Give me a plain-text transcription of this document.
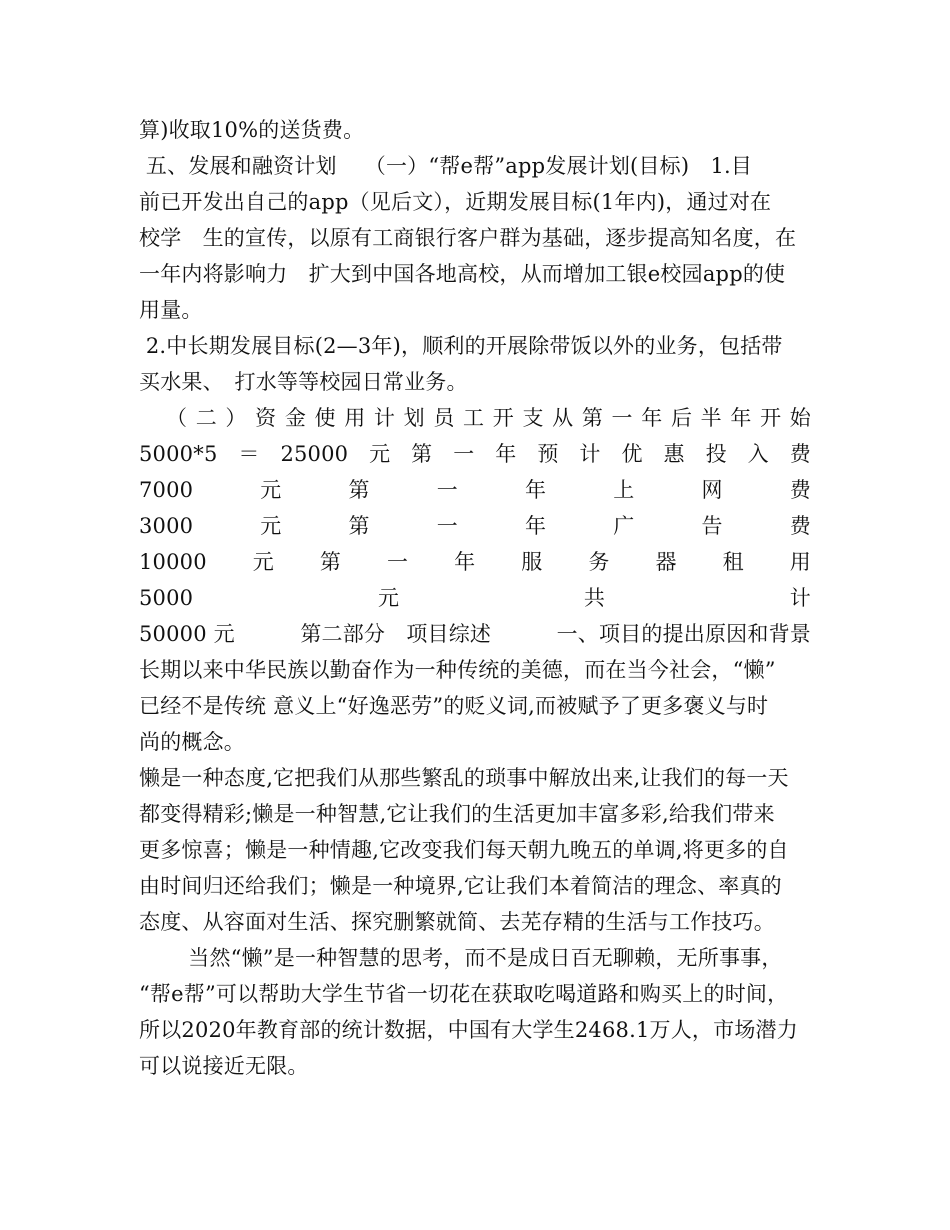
算)收取10%的送货费。
五、发展和融资计划　 （一）“帮e帮”app发展计划(目标)　1.目
前已开发出自己的app（见后文），近期发展目标(1年内)，通过对在
校学　生的宣传，以原有工商银行客户群为基础，逐步提高知名度，在
一年内将影响力　扩大到中国各地高校，从而增加工银e校园app的使
用量。
2.中长期发展目标(2—3年)，顺利的开展除带饭以外的业务，包括带
买水果、　打水等等校园日常业务。
（ 二 ） 资 金 使 用 计 划 员 工 开 支 从 第 一 年 后 半 年 开 始
5000*5 ＝ 25000 元 第 一 年 预 计 优 惠 投 入 费
7000	元	第	一	年	上	网	费
3000	元	第	一	年	广	告	费
10000 元 第 一 年 服 务 器 租 用
5000	元	共	计
50000 元	第二部分　项目综述	一、项目的提出原因和背景
长期以来中华民族以勤奋作为一种传统的美德，而在当今社会，“懒”
已经不是传统 意义上“好逸恶劳”的贬义词,而被赋予了更多褒义与时
尚的概念。
懒是一种态度,它把我们从那些繁乱的琐事中解放出来,让我们的每一天
都变得精彩;懒是一种智慧,它让我们的生活更加丰富多彩,给我们带来
更多惊喜；懒是一种情趣,它改变我们每天朝九晚五的单调,将更多的自
由时间归还给我们；懒是一种境界,它让我们本着简洁的理念、率真的
态度、从容面对生活、探究删繁就简、去芜存精的生活与工作技巧。
　　 当然“懒”是一种智慧的思考，而不是成日百无聊赖，无所事事，
“帮e帮”可以帮助大学生节省一切花在获取吃喝道路和购买上的时间，
所以2020年教育部的统计数据，中国有大学生2468.1万人，市场潜力
可以说接近无限。
